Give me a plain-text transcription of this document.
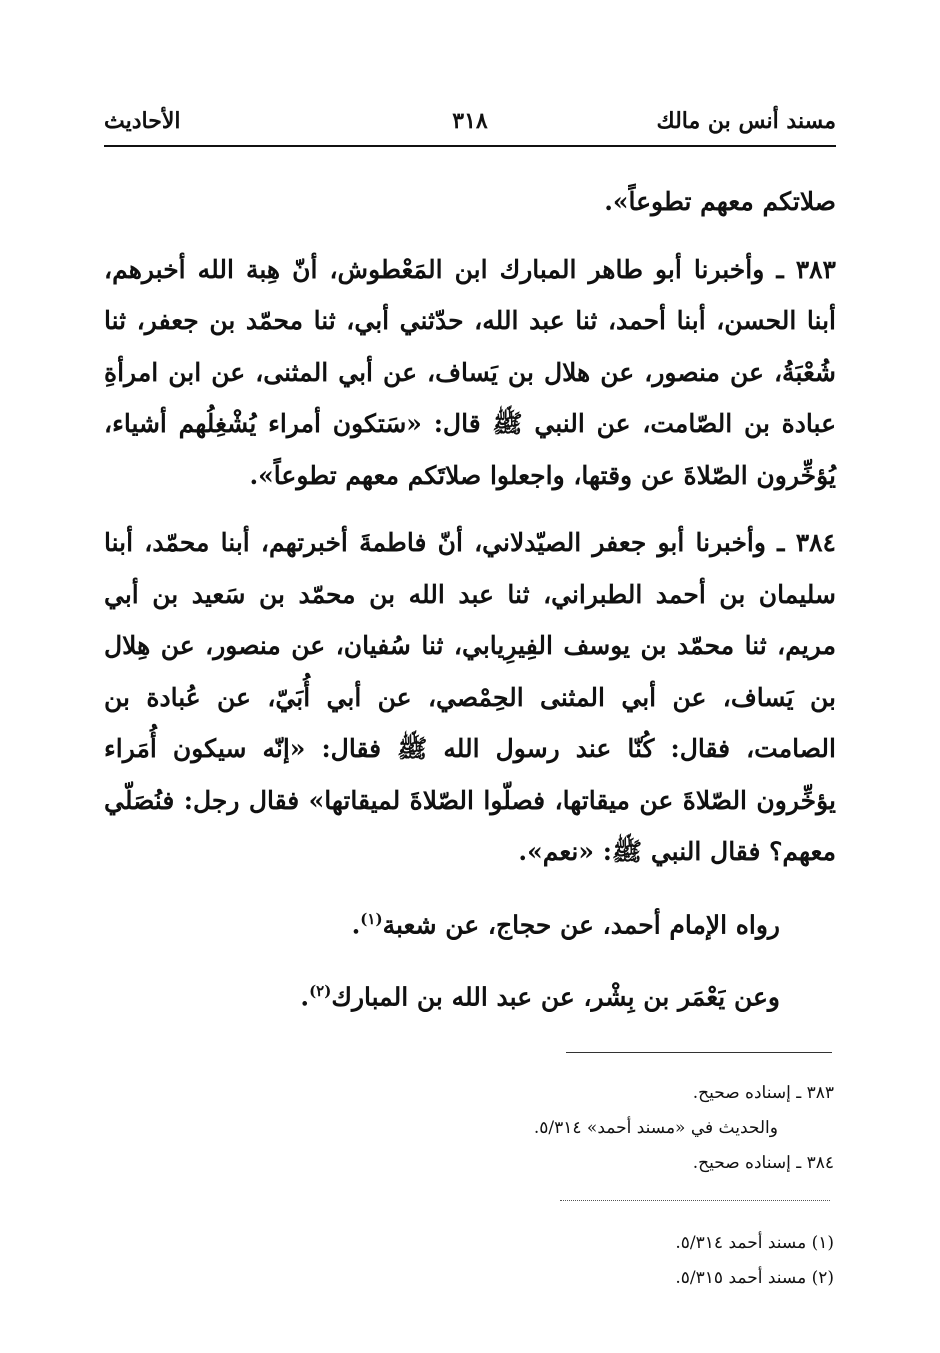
مسند أنس بن مالك
٣١٨
الأحاديث

صلاتكم معهم تطوعاً».

٣٨٣ ـ وأخبرنا أبو طاهر المبارك ابن المَعْطوش، أنّ هِبة الله أخبرهم، أبنا الحسن، أبنا أحمد، ثنا عبد الله، حدّثني أبي، ثنا محمّد بن جعفر، ثنا شُعْبَةُ، عن منصور، عن هلال بن يَساف، عن أبي المثنى، عن ابن امرأةِ عبادة بن الصّامت، عن النبي ﷺ قال: «سَتكون أمراء يُشْغِلُهم أشياء، يُؤخِّرون الصّلاةَ عن وقتها، واجعلوا صلاتَكم معهم تطوعاً».

٣٨٤ ـ وأخبرنا أبو جعفر الصيّدلاني، أنّ فاطمةَ أخبرتهم، أبنا محمّد، أبنا سليمان بن أحمد الطبراني، ثنا عبد الله بن محمّد بن سَعيد بن أبي مريم، ثنا محمّد بن يوسف الفِيرِيابي، ثنا سُفيان، عن منصور، عن هِلال بن يَساف، عن أبي المثنى الحِمْصي، عن أبي أُبَيّ، عن عُبادة بن الصامت، فقال: كُنّا عند رسول الله ﷺ فقال: «إنّه سيكون أُمَراء يؤخِّرون الصّلاةَ عن ميقاتها، فصلّوا الصّلاةَ لميقاتها» فقال رجل: فنُصَلّي معهم؟ فقال النبي ﷺ: «نعم».

رواه الإمام أحمد، عن حجاج، عن شعبة$^{(١)}$.

وعن يَعْمَر بن بِشْر، عن عبد الله بن المبارك$^{(٢)}$.

٣٨٣ ـ إسناده صحيح.

والحديث في «مسند أحمد» ٥/٣١٤.

٣٨٤ ـ إسناده صحيح.

(١) مسند أحمد ٥/٣١٤.

(٢) مسند أحمد ٥/٣١٥.
